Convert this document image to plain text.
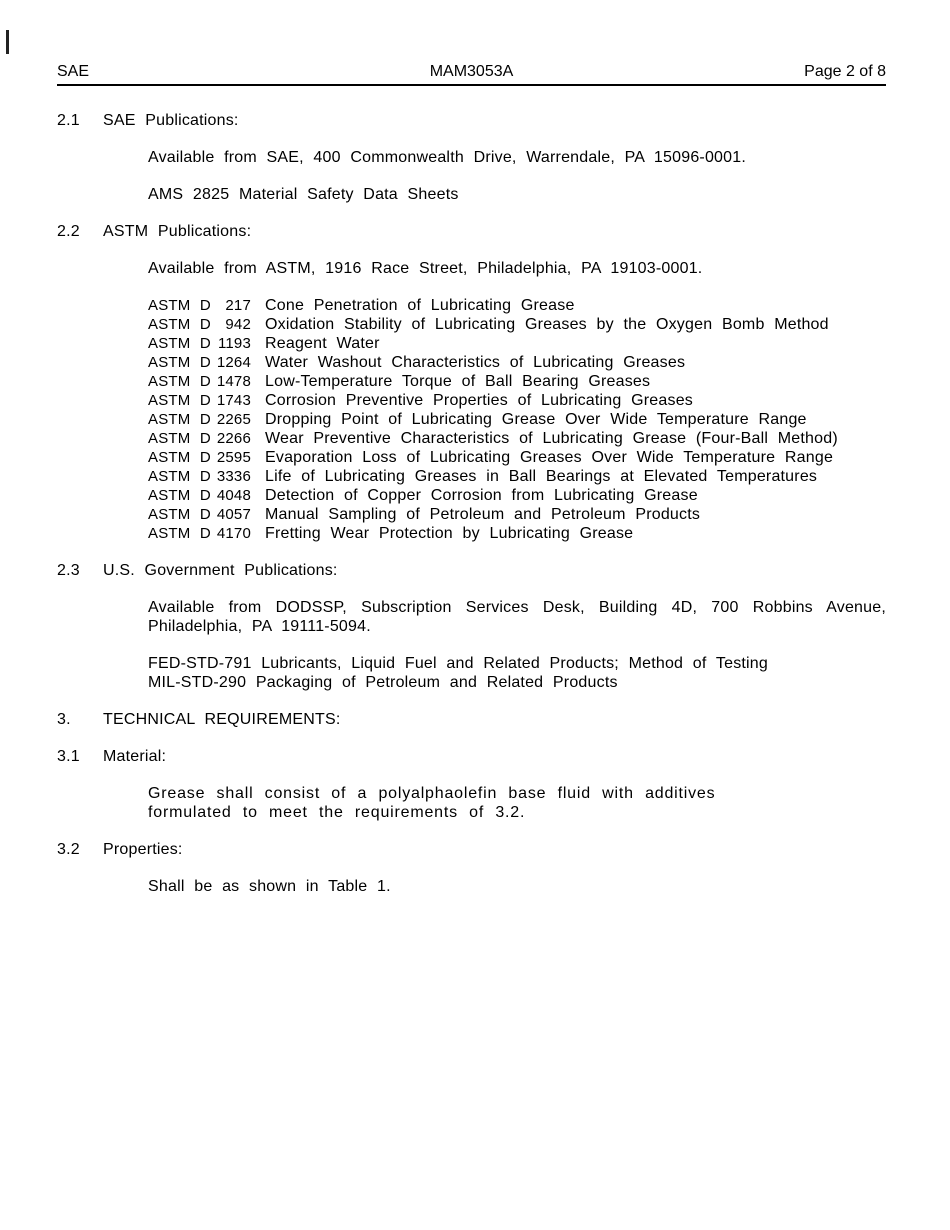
SAE	MAM3053A	Page 2 of 8
2.1	SAE Publications:

Available from SAE, 400 Commonwealth Drive, Warrendale, PA 15096-0001.

AMS 2825 Material Safety Data Sheets

2.2	ASTM Publications:

Available from ASTM, 1916 Race Street, Philadelphia, PA 19103-0001.

ASTM D 217 Cone Penetration of Lubricating Grease
ASTM D 942 Oxidation Stability of Lubricating Greases by the Oxygen Bomb Method
ASTM D 1193 Reagent Water
ASTM D 1264 Water Washout Characteristics of Lubricating Greases
ASTM D 1478 Low-Temperature Torque of Ball Bearing Greases
ASTM D 1743 Corrosion Preventive Properties of Lubricating Greases
ASTM D 2265 Dropping Point of Lubricating Grease Over Wide Temperature Range
ASTM D 2266 Wear Preventive Characteristics of Lubricating Grease (Four-Ball Method)
ASTM D 2595 Evaporation Loss of Lubricating Greases Over Wide Temperature Range
ASTM D 3336 Life of Lubricating Greases in Ball Bearings at Elevated Temperatures
ASTM D 4048 Detection of Copper Corrosion from Lubricating Grease
ASTM D 4057 Manual Sampling of Petroleum and Petroleum Products
ASTM D 4170 Fretting Wear Protection by Lubricating Grease
2.3	U.S. Government Publications:

Available from DODSSP, Subscription Services Desk, Building 4D, 700 Robbins Avenue, Philadelphia, PA 19111-5094.

FED-STD-791 Lubricants, Liquid Fuel and Related Products; Method of Testing
MIL-STD-290 Packaging of Petroleum and Related Products

3.	TECHNICAL REQUIREMENTS:
3.1	Material:

Grease shall consist of a polyalphaolefin base fluid with additives formulated to meet the requirements of 3.2.

3.2	Properties:

Shall be as shown in Table 1.
